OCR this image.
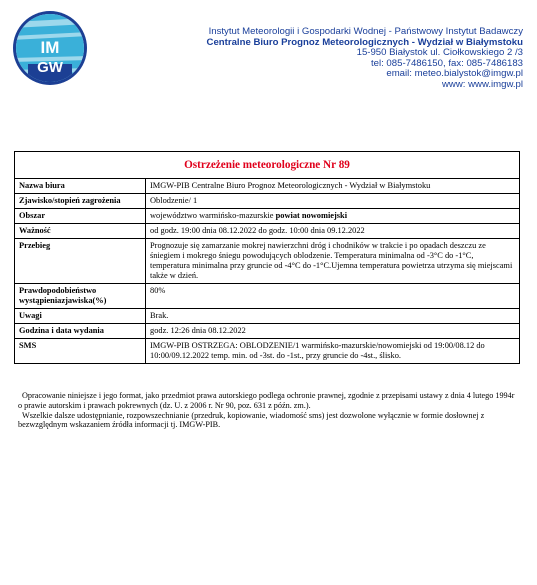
IM
GW
Instytut Meteorologii i Gospodarki Wodnej - Państwowy Instytut Badawczy
Centralne Biuro Prognoz Meteorologicznych - Wydział w Białymstoku
15-950 Białystok ul. Ciołkowskiego 2 /3
tel: 085-7486150, fax: 085-7486183
email: meteo.bialystok@imgw.pl
www: www.imgw.pl
Ostrzeżenie meteorologiczne Nr 89	
Nazwa biura	IMGW-PIB Centralne Biuro Prognoz Meteorologicznych - Wydział w Białymstoku
Zjawisko/stopień zagrożenia	Oblodzenie/ 1
Obszar	województwo warmińsko-mazurskie powiat nowomiejski
Ważność	od godz. 19:00 dnia 08.12.2022 do godz. 10:00 dnia 09.12.2022
Przebieg	Prognozuje się zamarzanie mokrej nawierzchni dróg i chodników w trakcie i po opadach deszczu ze śniegiem i mokrego śniegu powodujących oblodzenie. Temperatura minimalna od -3°C do -1°C, temperatura minimalna przy gruncie od -4°C do -1°C.Ujemna temperatura powietrza utrzyma się miejscami także w dzień.
Prawdopodobieństwo wystąpieniazjawiska(%)	80%
Uwagi	Brak.
Godzina i data wydania	godz. 12:26 dnia 08.12.2022
SMS	IMGW-PIB OSTRZEGA: OBLODZENIE/1 warmińsko-mazurskie/nowomiejski od 19:00/08.12 do 10:00/09.12.2022 temp. min. od -3st. do -1st., przy gruncie do -4st., ślisko.

Opracowanie niniejsze i jego format, jako przedmiot prawa autorskiego podlega ochronie prawnej, zgodnie z przepisami ustawy z dnia 4 lutego 1994r o prawie autorskim i prawach pokrewnych (dz. U. z 2006 r. Nr 90, poz. 631 z późn. zm.).

Wszelkie dalsze udostępnianie, rozpowszechnianie (przedruk, kopiowanie, wiadomość sms) jest dozwolone wyłącznie w formie dosłownej z bezwzględnym wskazaniem źródła informacji tj. IMGW-PIB.
